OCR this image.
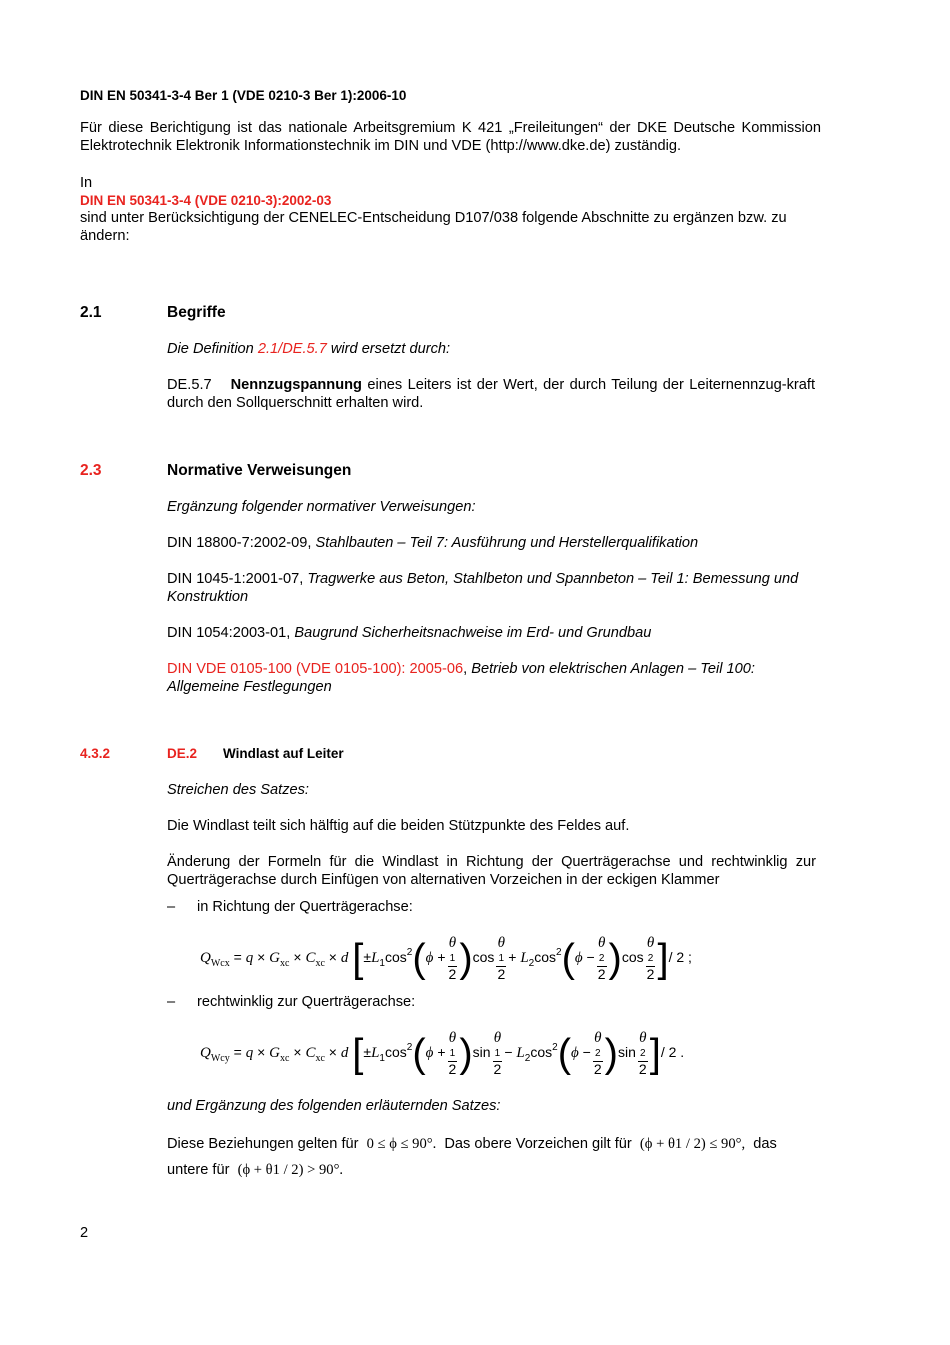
DIN EN 50341-3-4 Ber 1 (VDE 0210-3 Ber 1):2006-10
Für diese Berichtigung ist das nationale Arbeitsgremium K 421 „Freileitungen“ der DKE Deutsche Kommission Elektrotechnik Elektronik Informationstechnik im DIN und VDE (http://www.dke.de) zuständig.
In
DIN EN 50341-3-4 (VDE 0210-3):2002-03
sind unter Berücksichtigung der CENELEC-Entscheidung D107/038 folgende Abschnitte zu ergänzen bzw. zu ändern:
2.1	Begriffe
Die Definition 2.1/DE.5.7 wird ersetzt durch:
DE.5.7 Nennzugspannung eines Leiters ist der Wert, der durch Teilung der Leiternennzug-kraft durch den Sollquerschnitt erhalten wird.
2.3	Normative Verweisungen
Ergänzung folgender normativer Verweisungen:
DIN 18800-7:2002-09, Stahlbauten – Teil 7: Ausführung und Herstellerqualifikation
DIN 1045-1:2001-07, Tragwerke aus Beton, Stahlbeton und Spannbeton – Teil 1: Bemessung und Konstruktion
DIN 1054:2003-01, Baugrund Sicherheitsnachweise im Erd- und Grundbau
DIN VDE 0105-100 (VDE 0105-100): 2005-06, Betrieb von elektrischen Anlagen – Teil 100: Allgemeine Festlegungen
4.3.2	DE.2 Windlast auf Leiter
Streichen des Satzes:
Die Windlast teilt sich hälftig auf die beiden Stützpunkte des Feldes auf.
Änderung der Formeln für die Windlast in Richtung der Querträgerachse und rechtwinklig zur Querträgerachse durch Einfügen von alternativen Vorzeichen in der eckigen Klammer
– in Richtung der Querträgerachse:
$Q_{Wcx} = q \times G_{xc} \times C_{xc} \times d$ [$\pm L_1\cos^2(\phi + \theta$
1
2 )cos θ
1
$2 + L_2\cos^2(\phi - \theta$
2
2 )cos θ
2
2 ]/ 2 ;
– rechtwinklig zur Querträgerachse:
$Q_{Wcy} = q \times G_{xc} \times C_{xc} \times d$ [$\pm L_1\cos^2(\phi + \theta$
1
2 )sin θ
1
$2 - L_2\cos^2(\phi - \theta$
2
2 )sin θ
2
2 ]/ 2 .
und Ergänzung des folgenden erläuternden Satzes:
Diese Beziehungen gelten für 0 ≤ ϕ ≤ 90°. Das obere Vorzeichen gilt für (ϕ + θ1 / 2) ≤ 90°, das
untere für (ϕ + θ1 / 2) > 90°.
2
